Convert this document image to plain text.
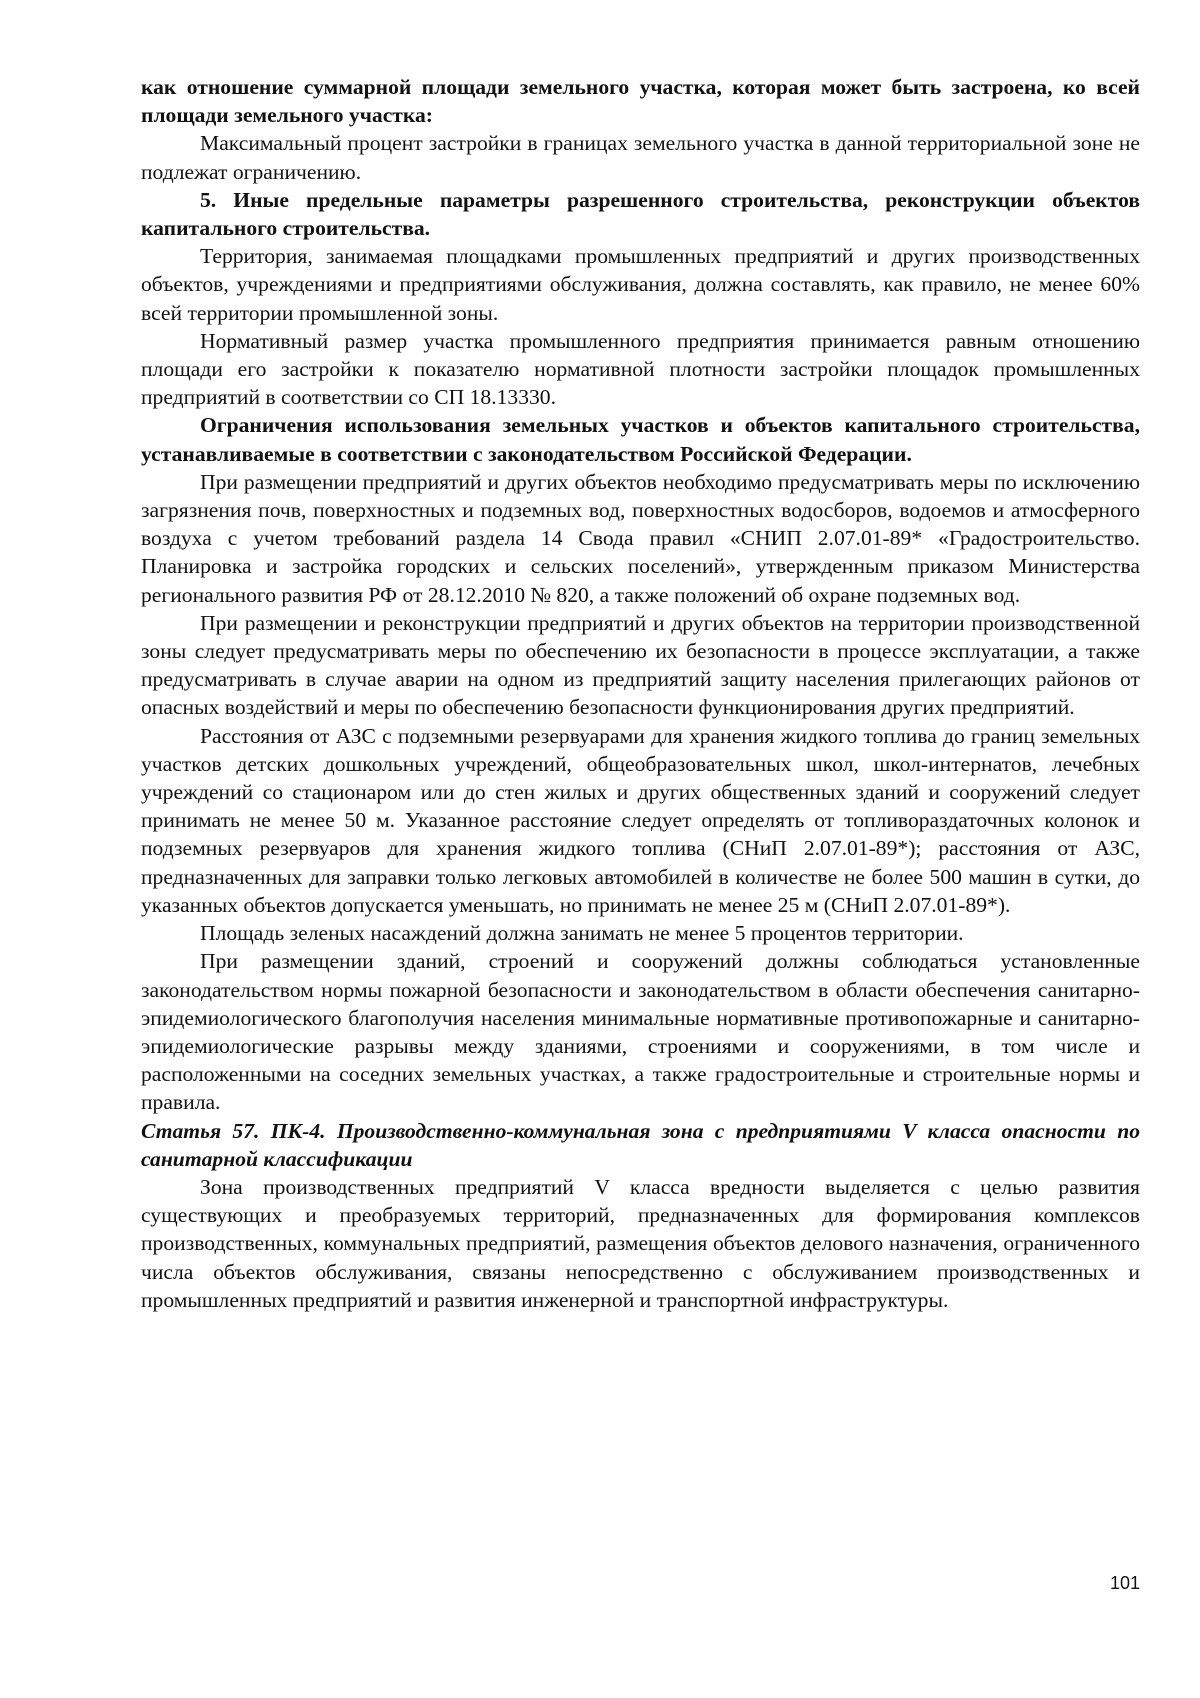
как отношение суммарной площади земельного участка, которая может быть застроена, ко всей площади земельного участка:

Максимальный процент застройки в границах земельного участка в данной территориальной зоне не подлежат ограничению.

5. Иные предельные параметры разрешенного строительства, реконструкции объектов капитального строительства.

Территория, занимаемая площадками промышленных предприятий и других производственных объектов, учреждениями и предприятиями обслуживания, должна составлять, как правило, не менее 60% всей территории промышленной зоны.

Нормативный размер участка промышленного предприятия принимается равным отношению площади его застройки к показателю нормативной плотности застройки площадок промышленных предприятий в соответствии со СП 18.13330.

Ограничения использования земельных участков и объектов капитального строительства, устанавливаемые в соответствии с законодательством Российской Федерации.

При размещении предприятий и других объектов необходимо предусматривать меры по исключению загрязнения почв, поверхностных и подземных вод, поверхностных водосборов, водоемов и атмосферного воздуха с учетом требований раздела 14 Свода правил «СНИП 2.07.01-89* «Градостроительство. Планировка и застройка городских и сельских поселений», утвержденным приказом Министерства регионального развития РФ от 28.12.2010 № 820, а также положений об охране подземных вод.

При размещении и реконструкции предприятий и других объектов на территории производственной зоны следует предусматривать меры по обеспечению их безопасности в процессе эксплуатации, а также предусматривать в случае аварии на одном из предприятий защиту населения прилегающих районов от опасных воздействий и меры по обеспечению безопасности функционирования других предприятий.

Расстояния от АЗС с подземными резервуарами для хранения жидкого топлива до границ земельных участков детских дошкольных учреждений, общеобразовательных школ, школ-интернатов, лечебных учреждений со стационаром или до стен жилых и других общественных зданий и сооружений следует принимать не менее 50 м. Указанное расстояние следует определять от топливораздаточных колонок и подземных резервуаров для хранения жидкого топлива (СНиП 2.07.01-89*); расстояния от АЗС, предназначенных для заправки только легковых автомобилей в количестве не более 500 машин в сутки, до указанных объектов допускается уменьшать, но принимать не менее 25 м (СНиП 2.07.01-89*).

Площадь зеленых насаждений должна занимать не менее 5 процентов территории.

При размещении зданий, строений и сооружений должны соблюдаться установленные законодательством нормы пожарной безопасности и законодательством в области обеспечения санитарно-эпидемиологического благополучия населения минимальные нормативные противопожарные и санитарно-эпидемиологические разрывы между зданиями, строениями и сооружениями, в том числе и расположенными на соседних земельных участках, а также градостроительные и строительные нормы и правила.

Статья 57. ПК-4. Производственно-коммунальная зона с предприятиями V класса опасности по санитарной классификации

Зона производственных предприятий V класса вредности выделяется с целью развития существующих и преобразуемых территорий, предназначенных для формирования комплексов производственных, коммунальных предприятий, размещения объектов делового назначения, ограниченного числа объектов обслуживания, связаны непосредственно с обслуживанием производственных и промышленных предприятий и развития инженерной и транспортной инфраструктуры.

101
